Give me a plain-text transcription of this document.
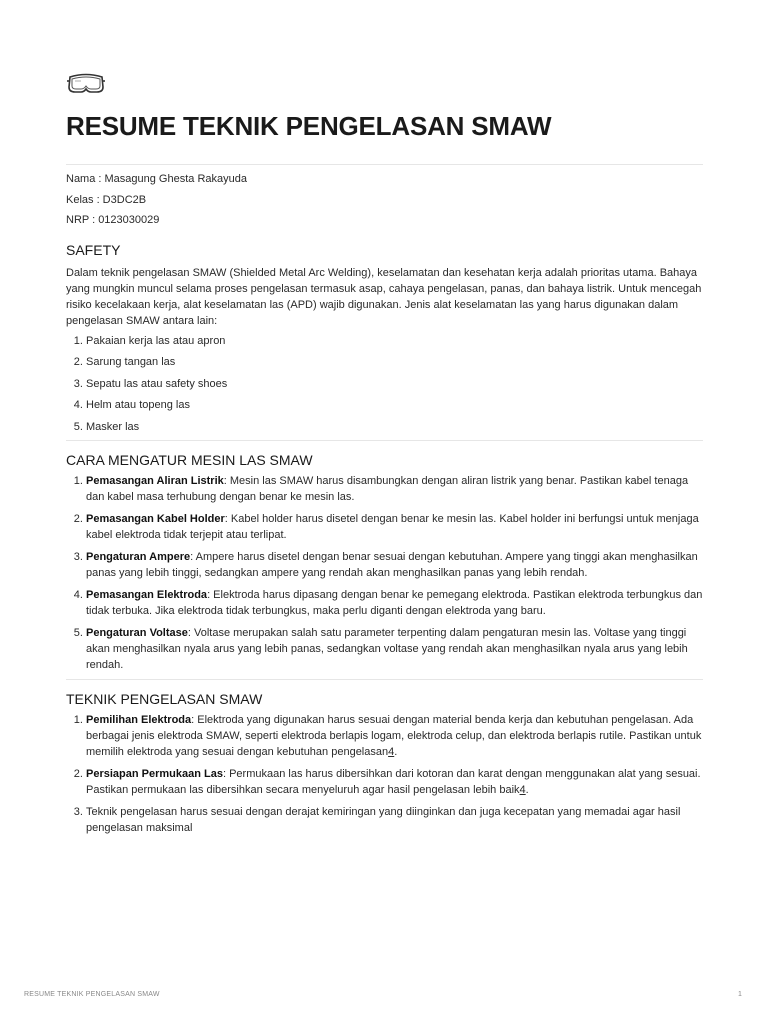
RESUME TEKNIK PENGELASAN SMAW

Nama : Masagung Ghesta Rakayuda

Kelas : D3DC2B

NRP : 0123030029

SAFETY

Dalam teknik pengelasan SMAW (Shielded Metal Arc Welding), keselamatan dan kesehatan kerja adalah prioritas utama. Bahaya yang mungkin muncul selama proses pengelasan termasuk asap, cahaya pengelasan, panas, dan bahaya listrik. Untuk mencegah risiko kecelakaan kerja, alat keselamatan las (APD) wajib digunakan. Jenis alat keselamatan las yang harus digunakan dalam pengelasan SMAW antara lain:

1. Pakaian kerja las atau apron
2. Sarung tangan las
3. Sepatu las atau safety shoes
4. Helm atau topeng las
5. Masker las
CARA MENGATUR MESIN LAS SMAW
1. Pemasangan Aliran Listrik: Mesin las SMAW harus disambungkan dengan aliran listrik yang benar. Pastikan kabel tenaga dan kabel masa terhubung dengan benar ke mesin las.
2. Pemasangan Kabel Holder: Kabel holder harus disetel dengan benar ke mesin las. Kabel holder ini berfungsi untuk menjaga kabel elektroda tidak terjepit atau terlipat.
3. Pengaturan Ampere: Ampere harus disetel dengan benar sesuai dengan kebutuhan. Ampere yang tinggi akan menghasilkan panas yang lebih tinggi, sedangkan ampere yang rendah akan menghasilkan panas yang lebih rendah.
4. Pemasangan Elektroda: Elektroda harus dipasang dengan benar ke pemegang elektroda. Pastikan elektroda terbungkus dan tidak terbuka. Jika elektroda tidak terbungkus, maka perlu diganti dengan elektroda yang baru.
5. Pengaturan Voltase: Voltase merupakan salah satu parameter terpenting dalam pengaturan mesin las. Voltase yang tinggi akan menghasilkan nyala arus yang lebih panas, sedangkan voltase yang rendah akan menghasilkan nyala arus yang lebih rendah.
TEKNIK PENGELASAN SMAW
1. Pemilihan Elektroda: Elektroda yang digunakan harus sesuai dengan material benda kerja dan kebutuhan pengelasan. Ada berbagai jenis elektroda SMAW, seperti elektroda berlapis logam, elektroda celup, dan elektroda berlapis rutile. Pastikan untuk memilih elektroda yang sesuai dengan kebutuhan pengelasan4.
2. Persiapan Permukaan Las: Permukaan las harus dibersihkan dari kotoran dan karat dengan menggunakan alat yang sesuai. Pastikan permukaan las dibersihkan secara menyeluruh agar hasil pengelasan lebih baik4.
3. Teknik pengelasan harus sesuai dengan derajat kemiringan yang diinginkan dan juga kecepatan yang memadai agar hasil pengelasan maksimal
RESUME TEKNIK PENGELASAN SMAW	1
